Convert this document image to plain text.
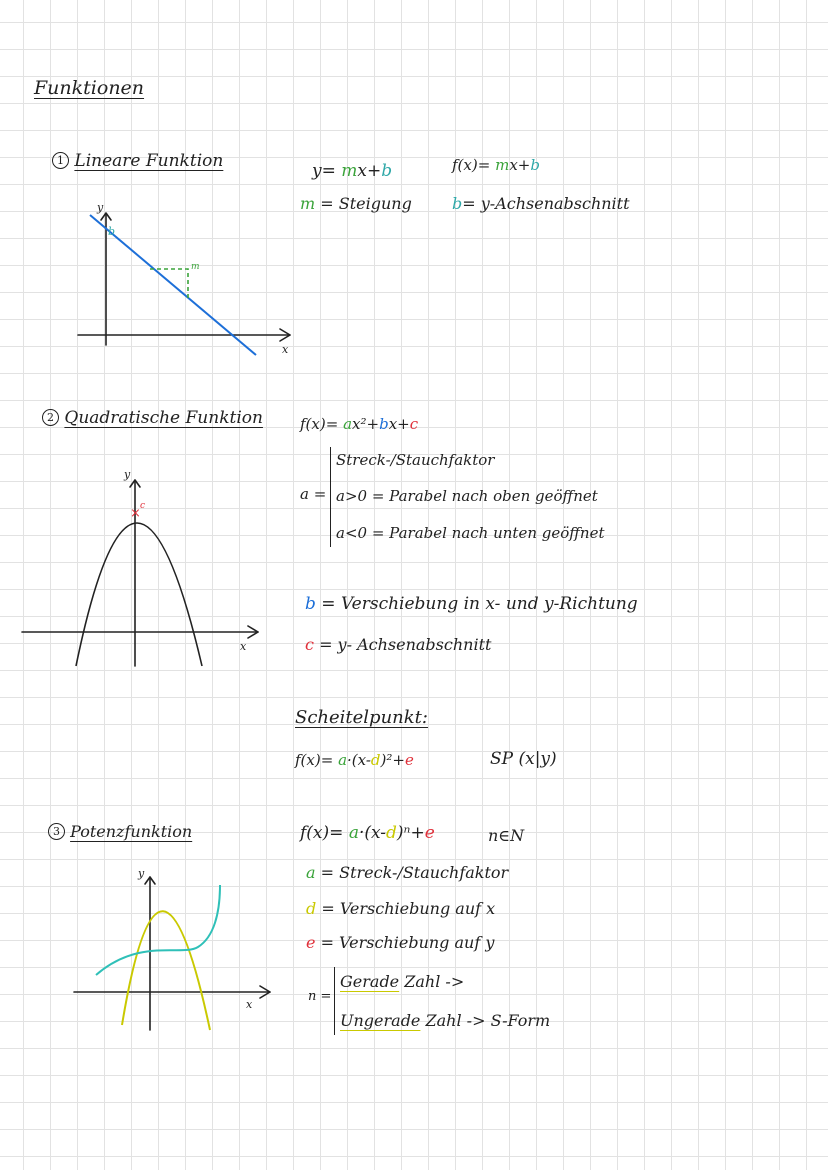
Funktionen
1 Lineare Funktion	y= mx+b	f(x)= mx+b
m = Steigung	b= y-Achsenabschnitt
y
x
b
m
2 Quadratische Funktion f(x)= ax²+bx+c
a =
Streck-/Stauchfaktor
a>0 = Parabel nach oben geöffnet
a<0 = Parabel nach unten geöffnet
b = Verschiebung in x- und y-Richtung
c = y- Achsenabschnitt
Scheitelpunkt:
f(x)= a·(x-d)²+e	SP (x|y)
y
x
× c
3 Potenzfunktion	f(x)= a·(x-d)ⁿ+e	n∈N
a = Streck-/Stauchfaktor
d = Verschiebung auf x
e = Verschiebung auf y
n =
Gerade Zahl ->
Ungerade Zahl -> S-Form
y
x
